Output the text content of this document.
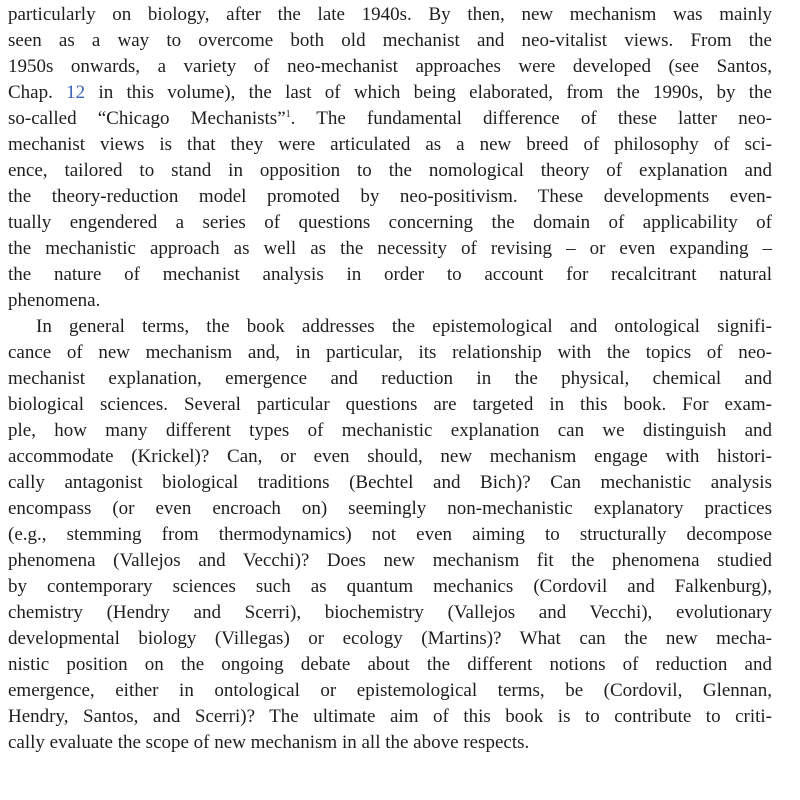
particularly on biology, after the late 1940s. By then, new mechanism was mainly
seen as a way to overcome both old mechanist and neo-vitalist views. From the
1950s onwards, a variety of neo-mechanist approaches were developed (see Santos,
Chap. 12 in this volume), the last of which being elaborated, from the 1990s, by the
so-called “Chicago Mechanists”$^1$. The fundamental difference of these latter neo-
mechanist views is that they were articulated as a new breed of philosophy of sci-
ence, tailored to stand in opposition to the nomological theory of explanation and
the theory-reduction model promoted by neo-positivism. These developments even-
tually engendered a series of questions concerning the domain of applicability of
the mechanistic approach as well as the necessity of revising – or even expanding –
the nature of mechanist analysis in order to account for recalcitrant natural
phenomena.
In general terms, the book addresses the epistemological and ontological signifi-
cance of new mechanism and, in particular, its relationship with the topics of neo-
mechanist explanation, emergence and reduction in the physical, chemical and
biological sciences. Several particular questions are targeted in this book. For exam-
ple, how many different types of mechanistic explanation can we distinguish and
accommodate (Krickel)? Can, or even should, new mechanism engage with histori-
cally antagonist biological traditions (Bechtel and Bich)? Can mechanistic analysis
encompass (or even encroach on) seemingly non-mechanistic explanatory practices
(e.g., stemming from thermodynamics) not even aiming to structurally decompose
phenomena (Vallejos and Vecchi)? Does new mechanism fit the phenomena studied
by contemporary sciences such as quantum mechanics (Cordovil and Falkenburg),
chemistry (Hendry and Scerri), biochemistry (Vallejos and Vecchi), evolutionary
developmental biology (Villegas) or ecology (Martins)? What can the new mecha-
nistic position on the ongoing debate about the different notions of reduction and
emergence, either in ontological or epistemological terms, be (Cordovil, Glennan,
Hendry, Santos, and Scerri)? The ultimate aim of this book is to contribute to criti-
cally evaluate the scope of new mechanism in all the above respects.
